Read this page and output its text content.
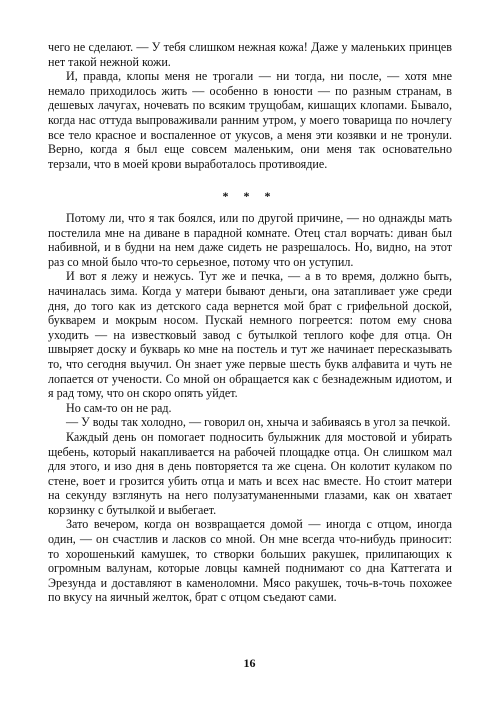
чего не сделают. — У тебя слишком нежная кожа! Даже у маленьких принцев нет такой нежной кожи.

И, правда, клопы меня не трогали — ни тогда, ни после, — хотя мне немало приходилось жить — особенно в юности — по разным странам, в дешевых лачугах, ночевать по всяким трущобам, кишащих клопами. Бывало, когда нас оттуда выпроваживали ранним утром, у моего товарища по ночлегу все тело красное и воспаленное от укусов, а меня эти козявки и не тронули. Верно, когда я был еще совсем маленьким, они меня так основательно терзали, что в моей крови выработалось противоядие.

* * *

Потому ли, что я так боялся, или по другой причине, — но однажды мать постелила мне на диване в парадной комнате. Отец стал ворчать: диван был набивной, и в будни на нем даже сидеть не разрешалось. Но, видно, на этот раз со мной было что-то серьезное, потому что он уступил.

И вот я лежу и нежусь. Тут же и печка, — а в то время, должно быть, начиналась зима. Когда у матери бывают деньги, она затапливает уже среди дня, до того как из детского сада вернется мой брат с грифельной доской, букварем и мокрым носом. Пускай немного погреется: потом ему снова уходить — на известковый завод с бутылкой теплого кофе для отца. Он швыряет доску и букварь ко мне на постель и тут же начинает пересказывать то, что сегодня выучил. Он знает уже первые шесть букв алфавита и чуть не лопается от учености. Со мной он обращается как с безнадежным идиотом, и я рад тому, что он скоро опять уйдет.

Но сам-то он не рад.

— У воды так холодно, — говорил он, хныча и забиваясь в угол за печкой.

Каждый день он помогает подносить булыжник для мостовой и убирать щебень, который накапливается на рабочей площадке отца. Он слишком мал для этого, и изо дня в день повторяется та же сцена. Он колотит кулаком по стене, воет и грозится убить отца и мать и всех нас вместе. Но стоит матери на секунду взглянуть на него полузатуманенными глазами, как он хватает корзинку с бутылкой и выбегает.

Зато вечером, когда он возвращается домой — иногда с отцом, иногда один, — он счастлив и ласков со мной. Он мне всегда что-нибудь приносит: то хорошенький камушек, то створки больших ракушек, прилипающих к огромным валунам, которые ловцы камней поднимают со дна Каттегата и Эрезунда и доставляют в каменоломни. Мясо ракушек, точь-в-точь похожее по вкусу на яичный желток, брат с отцом съедают сами.

16
